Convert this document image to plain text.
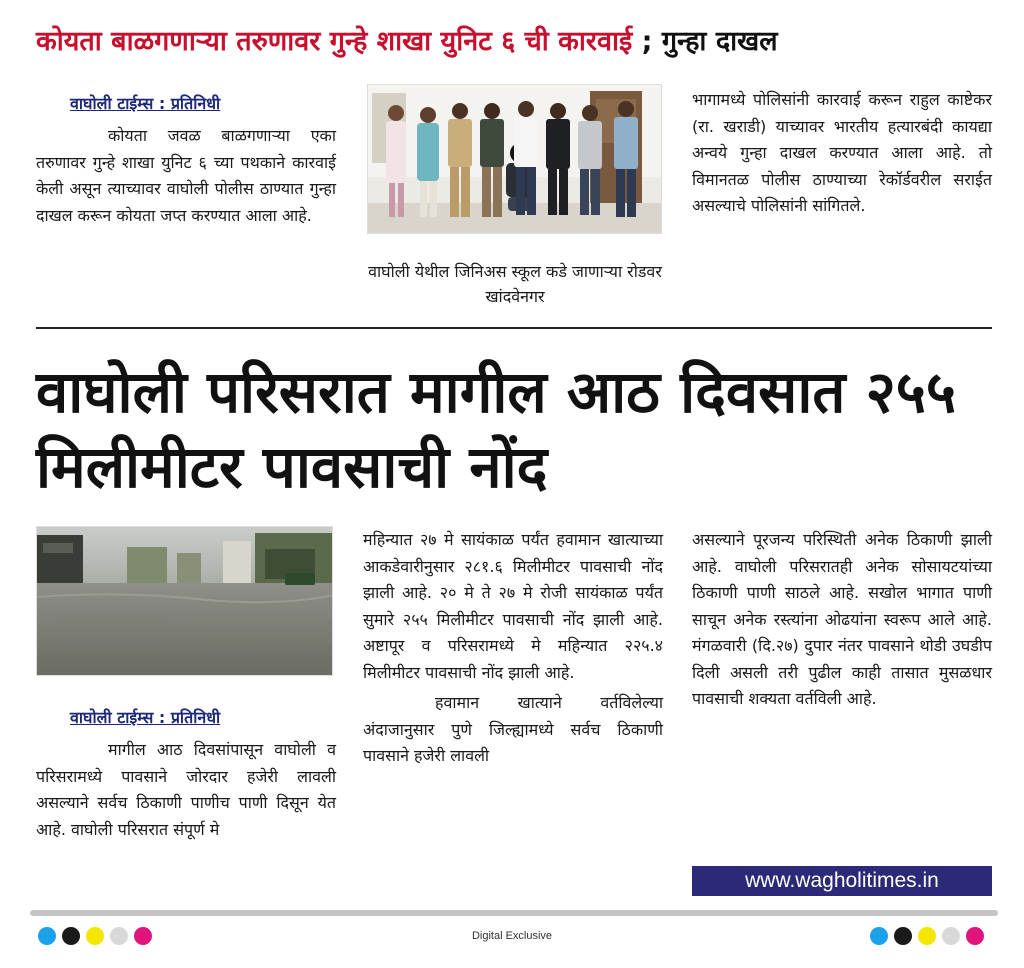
कोयता बाळगणाऱ्या तरुणावर गुन्हे शाखा युनिट ६ ची कारवाई ; गुन्हा दाखल
वाघोली टाईम्स : प्रतिनिधी

कोयता जवळ बाळगणाऱ्या एका तरुणावर गुन्हे शाखा युनिट ६ च्या पथकाने कारवाई केली असून त्याच्यावर वाघोली पोलीस ठाण्यात गुन्हा दाखल करून कोयता जप्त करण्यात आला आहे.

वाघोली येथील जिनिअस स्कूल कडे जाणाऱ्या रोडवर खांदवेनगर

भागामध्ये पोलिसांनी कारवाई करून राहुल काष्टेकर (रा. खराडी) याच्यावर भारतीय हत्यारबंदी कायद्या अन्वये गुन्हा दाखल करण्यात आला आहे. तो विमानतळ पोलीस ठाण्याच्या रेकॉर्डवरील सराईत असल्याचे पोलिसांनी सांगितले.

वाघोली परिसरात मागील आठ दिवसात २५५ मिलीमीटर पावसाची नोंद
वाघोली टाईम्स : प्रतिनिधी

मागील आठ दिवसांपासून वाघोली व परिसरामध्ये पावसाने जोरदार हजेरी लावली असल्याने सर्वच ठिकाणी पाणीच पाणी दिसून येत आहे. वाघोली परिसरात संपूर्ण मे

महिन्यात २७ मे सायंकाळ पर्यंत हवामान खात्याच्या आकडेवारीनुसार २८१.६ मिलीमीटर पावसाची नोंद झाली आहे. २० मे ते २७ मे रोजी सायंकाळ पर्यंत सुमारे २५५ मिलीमीटर पावसाची नोंद झाली आहे. अष्टापूर व परिसरामध्ये मे महिन्यात २२५.४ मिलीमीटर पावसाची नोंद झाली आहे.

हवामान खात्याने वर्तविलेल्या अंदाजानुसार पुणे जिल्ह्यामध्ये सर्वच ठिकाणी पावसाने हजेरी लावली

असल्याने पूरजन्य परिस्थिती अनेक ठिकाणी झाली आहे. वाघोली परिसरातही अनेक सोसायटयांच्या ठिकाणी पाणी साठले आहे. सखोल भागात पाणी साचून अनेक रस्त्यांना ओढयांना स्वरूप आले आहे. मंगळवारी (दि.२७) दुपार नंतर पावसाने थोडी उघडीप दिली असली तरी पुढील काही तासात मुसळधार पावसाची शक्यता वर्तविली आहे.

www.wagholitimes.in
Digital Exclusive
